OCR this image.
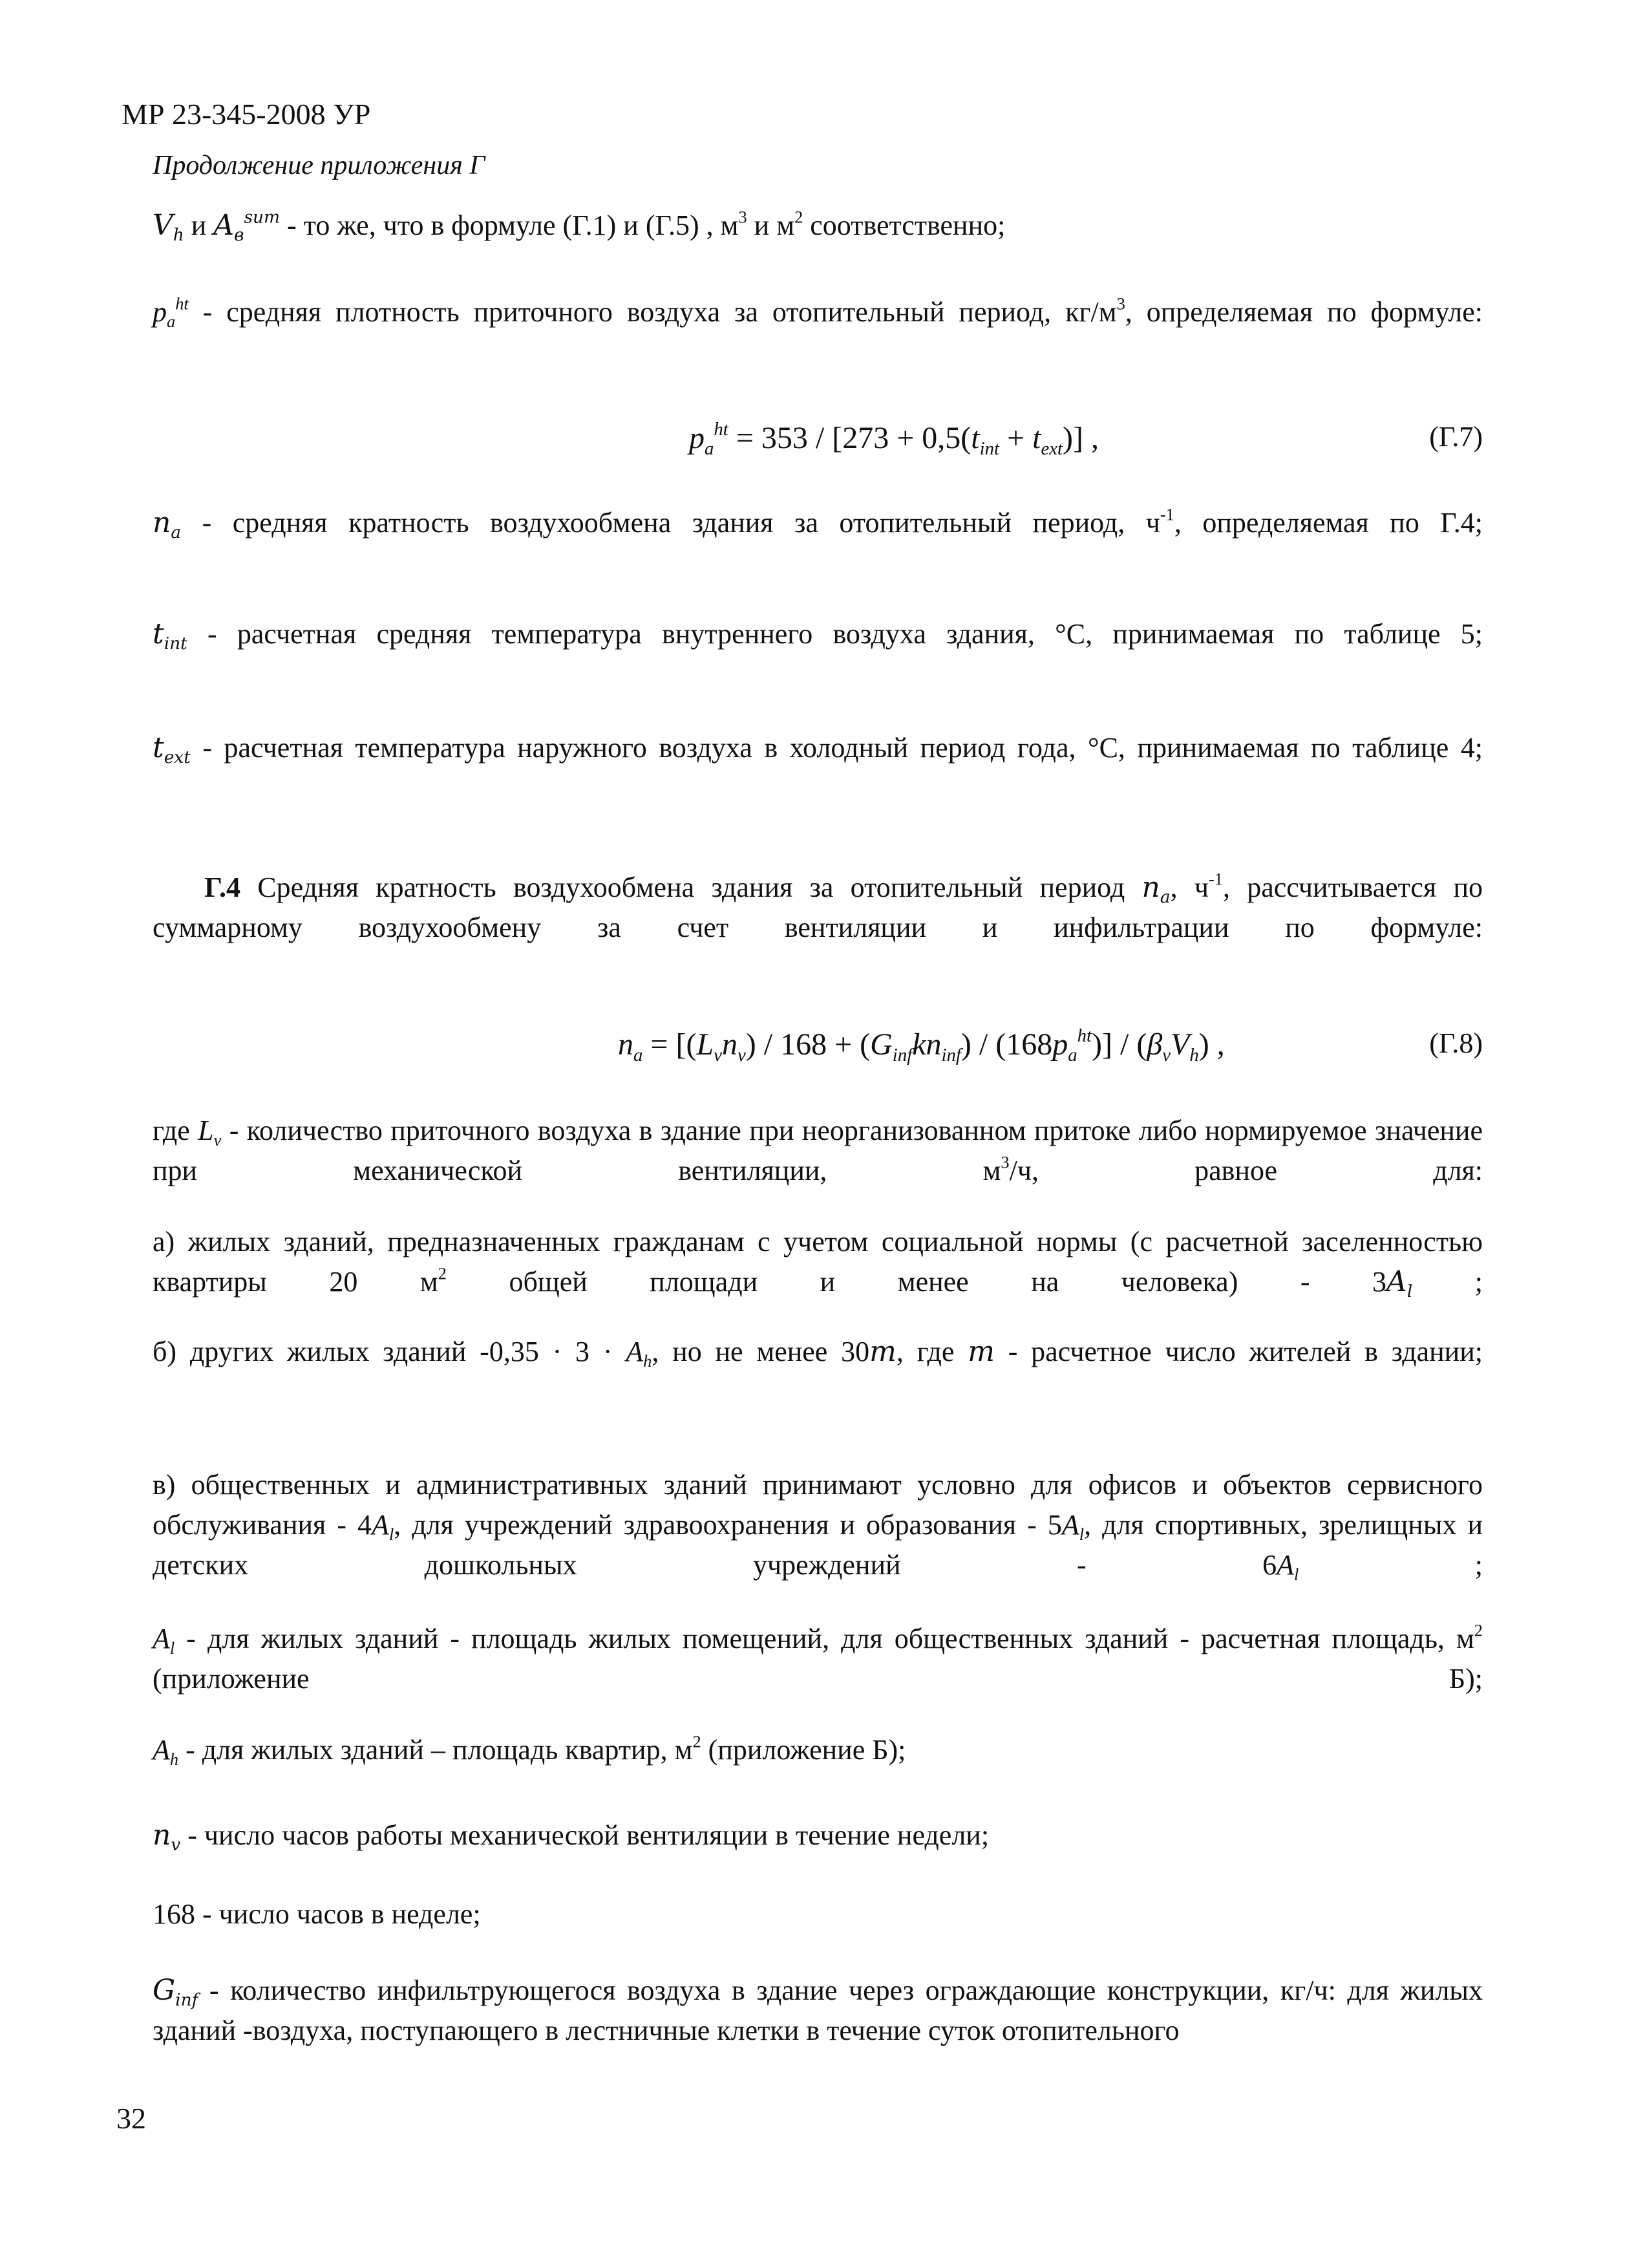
МР 23-345-2008 УР
Продолжение приложения Г
$V_h$ и $A_в^{sum}$ - то же, что в формуле (Г.1) и (Г.5) , $м^3$ и $м^2$ соответственно;
$p_a^{ht}$ - средняя плотность приточного воздуха за отопительный период, $кг/м^3$, определяемая по формуле:
$p_a^{ht} = 353 / [273 + 0,5(t_{int} + t_{ext})]$ ,	(Г.7)
$n_a$ - средняя кратность воздухообмена здания за отопительный период, $ч^{-1}$, определяемая по Г.4;
$t_{int}$ - расчетная средняя температура внутреннего воздуха здания, °С, принимаемая по таблице 5;
$t_{ext}$ - расчетная температура наружного воздуха в холодный период года, °С, принимаемая по таблице 4;
Г.4 Средняя кратность воздухообмена здания за отопительный период $n_a$, $ч^{-1}$, рассчитывается по суммарному воздухообмену за счет вентиляции и инфильтрации по формуле:
$n_a = [(L_vn_v) / 168 + (G_{inf}kn_{inf}) / (168p_a^{ht})] / (\beta_vV_h)$ ,	(Г.8)
где $L_v$ - количество приточного воздуха в здание при неорганизованном притоке либо нормируемое значение при механической вентиляции, $м^3/ч$, равное для:
а) жилых зданий, предназначенных гражданам с учетом социальной нормы (с расчетной заселенностью квартиры 20 $м^2$ общей площади и менее на человека) - $3A_l$ ;
б) других жилых зданий $-0,35 \cdot 3 \cdot A_h$, но не менее 30m, где m - расчетное число жителей в здании;
в) общественных и административных зданий принимают условно для офисов и объектов сервисного обслуживания - $4A_l$, для учреждений здравоохранения и образования - $5A_l$, для спортивных, зрелищных и детских дошкольных учреждений - $6A_l$ ;
$A_l$ - для жилых зданий - площадь жилых помещений, для общественных зданий - расчетная площадь, $м^2$ (приложение Б);
$A_h$ - для жилых зданий – площадь квартир, $м^2$ (приложение Б);
$n_v$ - число часов работы механической вентиляции в течение недели;
168 - число часов в неделе;
$G_{inf}$ - количество инфильтрующегося воздуха в здание через ограждающие конструкции, кг/ч: для жилых зданий -воздуха, поступающего в лестничные клетки в течение суток отопительного
32
